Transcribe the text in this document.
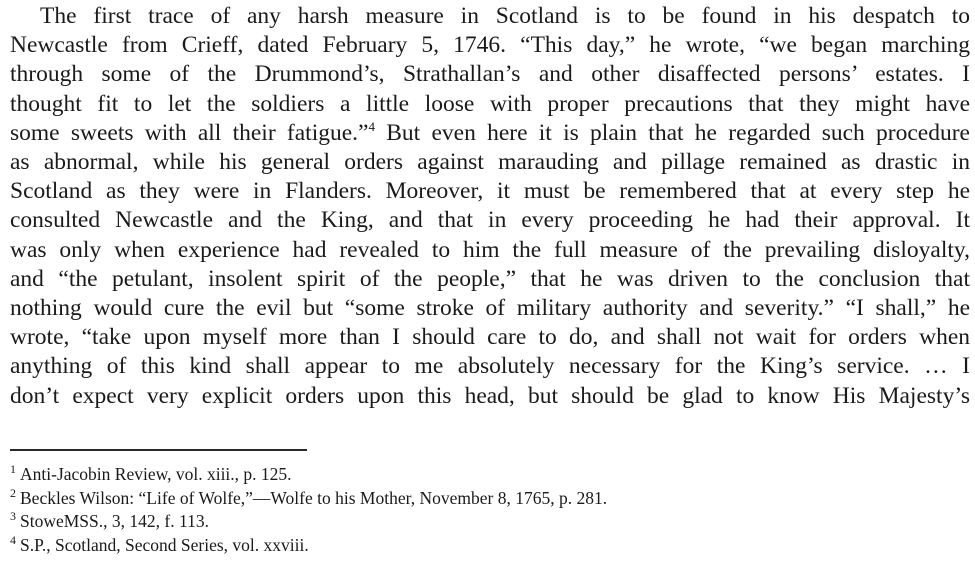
The first trace of any harsh measure in Scotland is to be found in his despatch to
Newcastle from Crieff, dated February 5, 1746. “This day,” he wrote, “we began marching
through some of the Drummond’s, Strathallan’s and other disaffected persons’ estates. I
thought fit to let the soldiers a little loose with proper precautions that they might have
some sweets with all their fatigue.”$^4$ But even here it is plain that he regarded such procedure
as abnormal, while his general orders against marauding and pillage remained as drastic in
Scotland as they were in Flanders. Moreover, it must be remembered that at every step he
consulted Newcastle and the King, and that in every proceeding he had their approval. It
was only when experience had revealed to him the full measure of the prevailing disloyalty,
and “the petulant, insolent spirit of the people,” that he was driven to the conclusion that
nothing would cure the evil but “some stroke of military authority and severity.” “I shall,” he
wrote, “take upon myself more than I should care to do, and shall not wait for orders when
anything of this kind shall appear to me absolutely necessary for the King’s service. … I
don’t expect very explicit orders upon this head, but should be glad to know His Majesty’s
$^1$ Anti-Jacobin Review, vol. xiii., p. 125.
$^2$ Beckles Wilson: “Life of Wolfe,”—Wolfe to his Mother, November 8, 1765, p. 281.
$^3$ StoweMSS., 3, 142, f. 113.
$^4$ S.P., Scotland, Second Series, vol. xxviii.
